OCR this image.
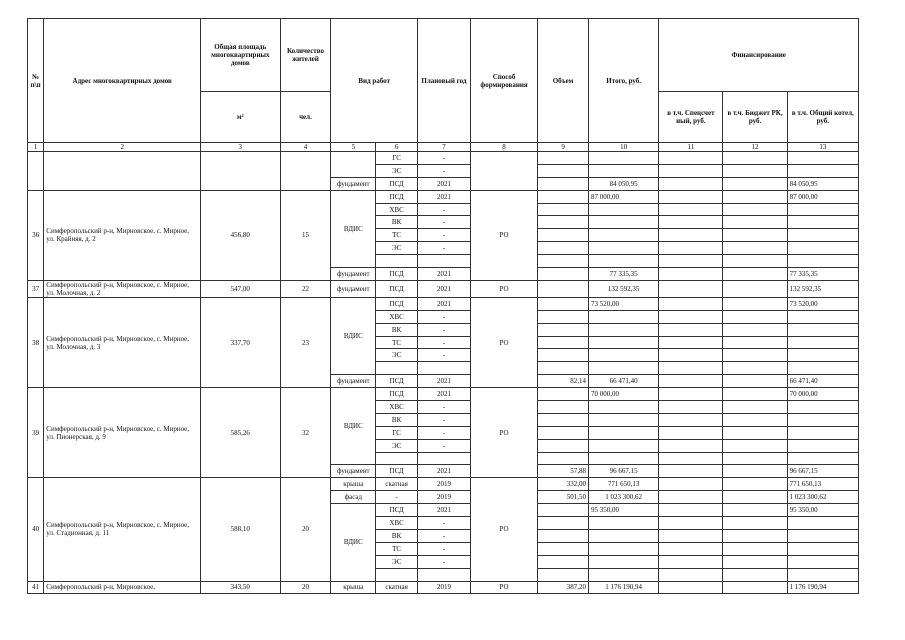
№ п\п	Адрес многоквартирных домов	Общая площадь многоквартирных домов	Количество жителей	Вид работ		Плановый год	Способ формирования	Объем	Итого, руб.	Финансирование		
		м²	чел.							в т.ч. Спецсчет ный, руб.	в т.ч. Бюджет РК, руб.	в т.ч. Общий котел, руб.
1	2	3	4	5	6	7	8	9	10	11	12	13
					ГС	-						
					ЭС	-						
				фундамент	ПСД	2021			84 050,95			84 050,95
36	Симферопольский р-н, Мирновское, с. Мирное, ул. Крайняя, д. 2	456,80	15	ВДИС	ПСД	2021	РО		87 000,00			87 000,00
					ХВС	-						
					ВК	-						
					ТС	-						
					ЭС	-						

				фундамент	ПСД	2021			77 335,35			77 335,35
37	Симферопольский р-н, Мирновское, с. Мирное, ул. Молочная, д. 2	547,00	22	фундамент	ПСД	2021	РО		132 592,35			132 592,35
38	Симферопольский р-н, Мирновское, с. Мирное, ул. Молочная, д. 3	337,70	23	ВДИС	ПСД	2021	РО		73 520,00			73 520,00
					ХВС	-						
					ВК	-						
					ТС	-						
					ЭС	-						

				фундамент	ПСД	2021		82,14	66 471,40			66 471,40
39	Симферопольский р-н, Мирновское, с. Мирное, ул. Пионерская, д. 9	585,26	32	ВДИС	ПСД	2021	РО		70 000,00			70 000,00
					ХВС	-						
					ВК	-						
					ГС	-						
					ЭС	-						

				фундамент	ПСД	2021		57,88	96 667,15			96 667,15
40	Симферопольский р-н, Мирновское, с. Мирное, ул. Стадионная, д. 11	588,10	20	крыша	скатная	2019	РО	332,00	771 650,13			771 650,13
				фасад	-	2019		501,50	1 023 300,62			1 023 300,62
				ВДИС	ПСД	2021			95 350,00			95 350,00
					ХВС	-						
					ВК	-						
					ТС	-						
					ЭС	-						

41	Симферопольский р-н, Мирновское,	343,50	20	крыша	скатная	2019	РО	387,20	1 176 190,94			1 176 190,94
